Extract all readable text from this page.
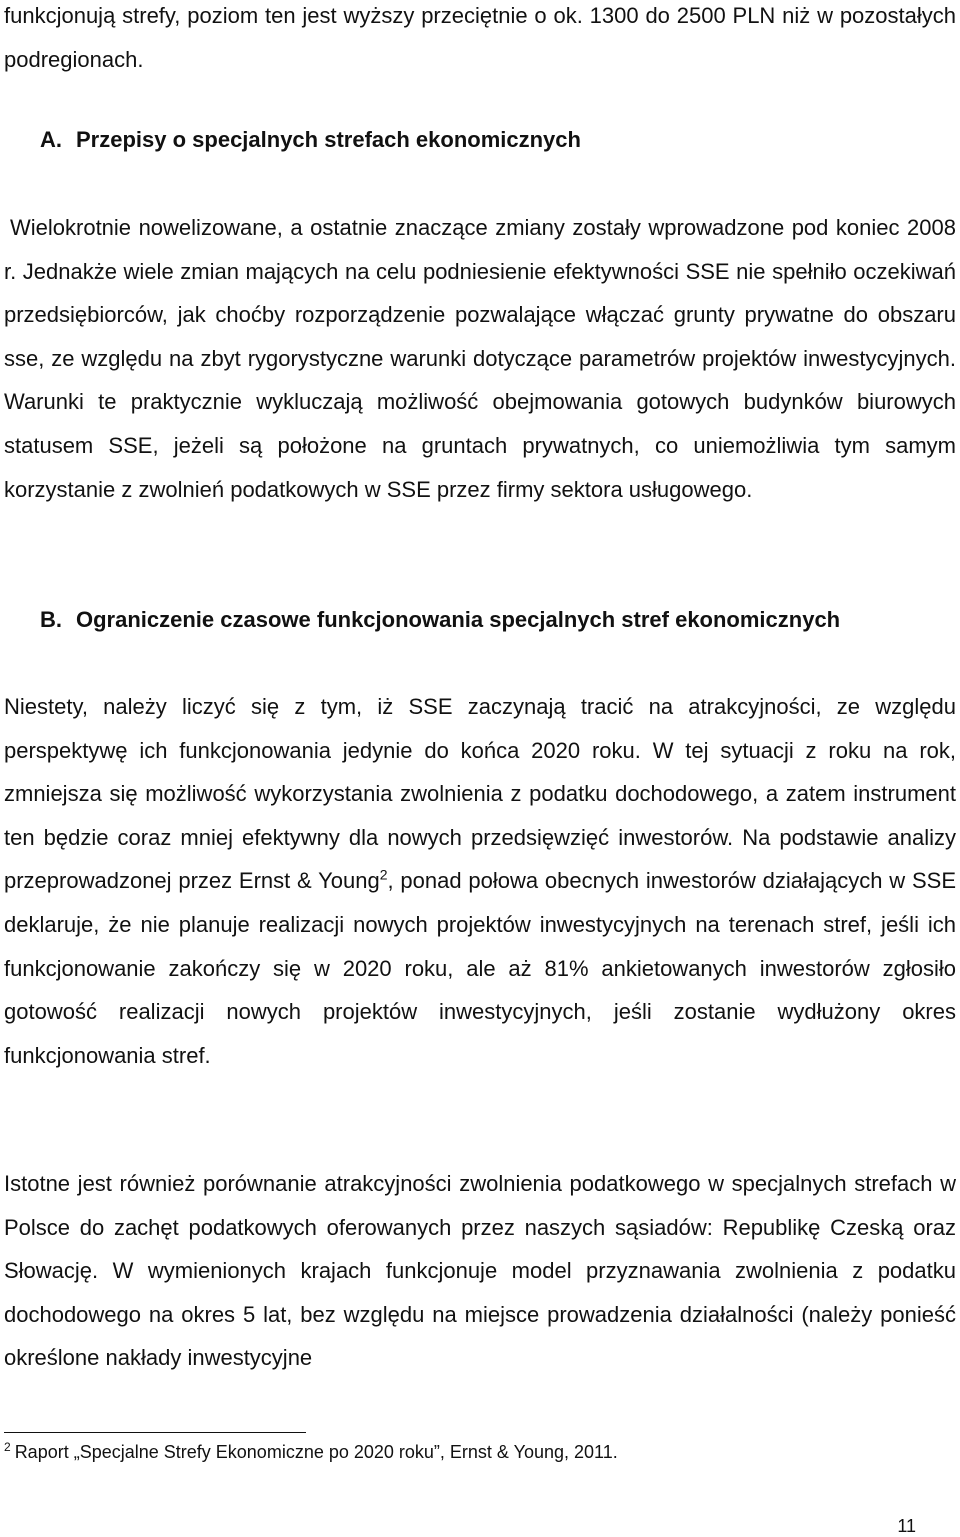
funkcjonują strefy, poziom ten jest wyższy przeciętnie o ok. 1300 do 2500 PLN niż w pozostałych podregionach.

A. Przepisy o specjalnych strefach ekonomicznych

Wielokrotnie nowelizowane, a ostatnie znaczące zmiany zostały wprowadzone pod koniec 2008 r. Jednakże wiele zmian mających na celu podniesienie efektywności SSE nie spełniło oczekiwań przedsiębiorców, jak choćby rozporządzenie pozwalające włączać grunty prywatne do obszaru sse, ze względu na zbyt rygorystyczne warunki dotyczące parametrów projektów inwestycyjnych. Warunki te praktycznie wykluczają możliwość obejmowania gotowych budynków biurowych statusem SSE, jeżeli są położone na gruntach prywatnych, co uniemożliwia tym samym korzystanie z zwolnień podatkowych w SSE przez firmy sektora usługowego.

B. Ograniczenie czasowe funkcjonowania specjalnych stref ekonomicznych

Niestety, należy liczyć się z tym, iż SSE zaczynają tracić na atrakcyjności, ze względu perspektywę ich funkcjonowania jedynie do końca 2020 roku. W tej sytuacji z roku na rok, zmniejsza się możliwość wykorzystania zwolnienia z podatku dochodowego, a zatem instrument ten będzie coraz mniej efektywny dla nowych przedsięwzięć inwestorów. Na podstawie analizy przeprowadzonej przez Ernst & Young$^2$, ponad połowa obecnych inwestorów działających w SSE deklaruje, że nie planuje realizacji nowych projektów inwestycyjnych na terenach stref, jeśli ich funkcjonowanie zakończy się w 2020 roku, ale aż 81% ankietowanych inwestorów zgłosiło gotowość realizacji nowych projektów inwestycyjnych, jeśli zostanie wydłużony okres funkcjonowania stref.

Istotne jest również porównanie atrakcyjności zwolnienia podatkowego w specjalnych strefach w Polsce do zachęt podatkowych oferowanych przez naszych sąsiadów: Republikę Czeską oraz Słowację. W wymienionych krajach funkcjonuje model przyznawania zwolnienia z podatku dochodowego na okres 5 lat, bez względu na miejsce prowadzenia działalności (należy ponieść określone nakłady inwestycyjne

$^2$ Raport „Specjalne Strefy Ekonomiczne po 2020 roku”, Ernst & Young, 2011.
11
